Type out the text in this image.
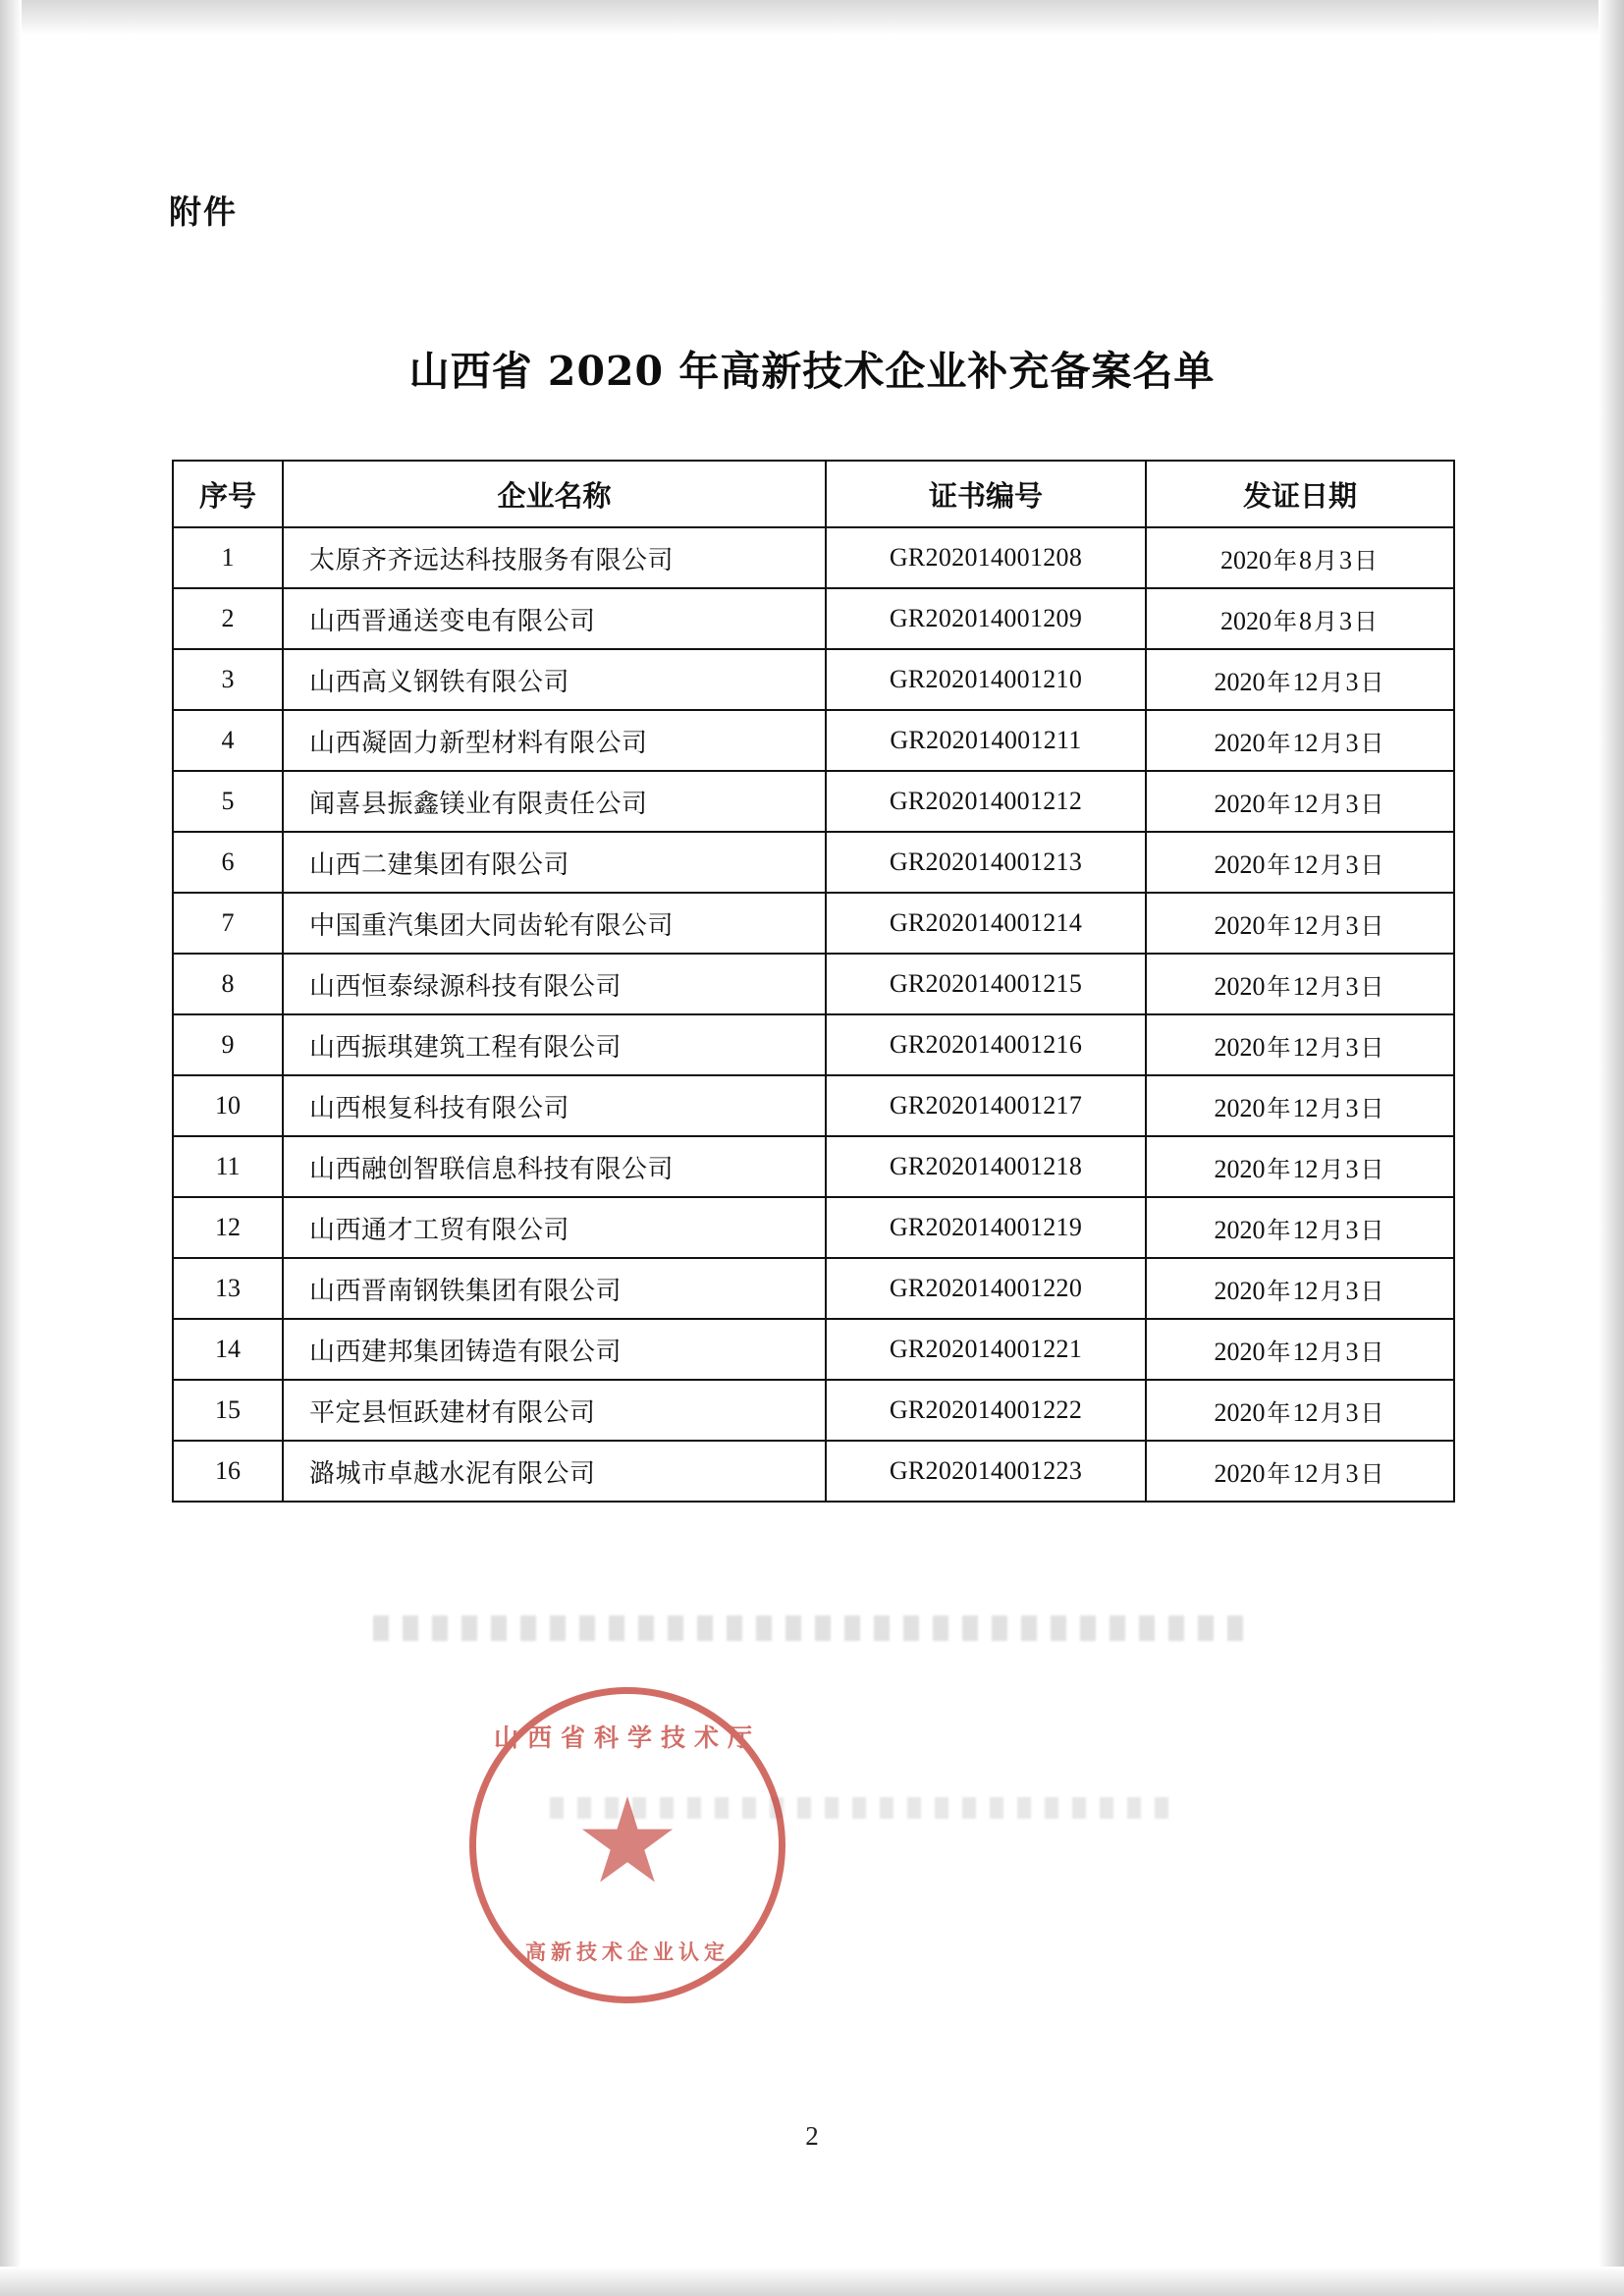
附件
山西省 2020 年高新技术企业补充备案名单
序号	企业名称	证书编号	发证日期
1	太原齐齐远达科技服务有限公司	GR202014001208	2020年8月3日
2	山西晋通送变电有限公司	GR202014001209	2020年8月3日
3	山西高义钢铁有限公司	GR202014001210	2020年12月3日
4	山西凝固力新型材料有限公司	GR202014001211	2020年12月3日
5	闻喜县振鑫镁业有限责任公司	GR202014001212	2020年12月3日
6	山西二建集团有限公司	GR202014001213	2020年12月3日
7	中国重汽集团大同齿轮有限公司	GR202014001214	2020年12月3日
8	山西恒泰绿源科技有限公司	GR202014001215	2020年12月3日
9	山西振琪建筑工程有限公司	GR202014001216	2020年12月3日
10	山西根复科技有限公司	GR202014001217	2020年12月3日
11	山西融创智联信息科技有限公司	GR202014001218	2020年12月3日
12	山西通才工贸有限公司	GR202014001219	2020年12月3日
13	山西晋南钢铁集团有限公司	GR202014001220	2020年12月3日
14	山西建邦集团铸造有限公司	GR202014001221	2020年12月3日
15	平定县恒跃建材有限公司	GR202014001222	2020年12月3日
16	潞城市卓越水泥有限公司	GR202014001223	2020年12月3日
山西省科学技术厅
高新技术企业认定
2
